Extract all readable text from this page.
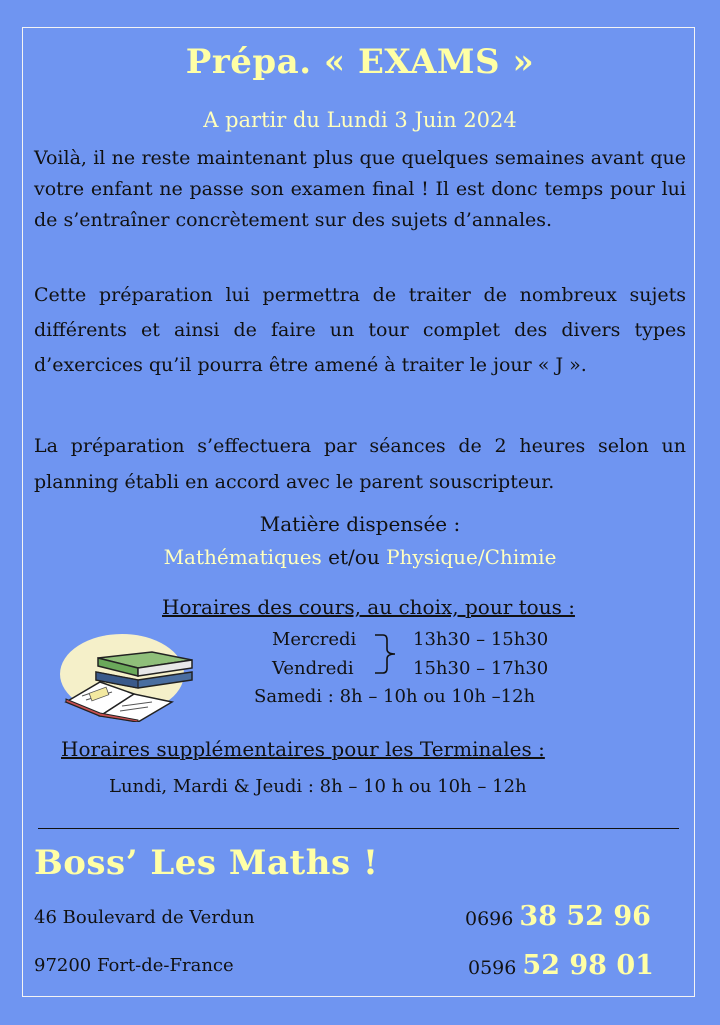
Prépa. « EXAMS »
A partir du Lundi 3 Juin 2024

Voilà, il ne reste maintenant plus que quelques semaines avant que votre enfant ne passe son examen final ! Il est donc temps pour lui de s’entraîner concrètement sur des sujets d’annales.

Cette préparation lui permettra de traiter de nombreux sujets différents et ainsi de faire un tour complet des divers types d’exercices qu’il pourra être amené à traiter le jour « J ».

La préparation s’effectuera par séances de 2 heures selon un planning établi en accord avec le parent souscripteur.

Matière dispensée :
Mathématiques et/ou Physique/Chimie
Horaires des cours, au choix, pour tous :
Mercredi
Vendredi
13h30 – 15h30
15h30 – 17h30
Samedi : 8h – 10h ou 10h –12h
Horaires supplémentaires pour les Terminales :
Lundi, Mardi & Jeudi : 8h – 10 h ou 10h – 12h
Boss’ Les Maths !
46 Boulevard de Verdun
97200 Fort-de-France
0696 38 52 96
0596 52 98 01
